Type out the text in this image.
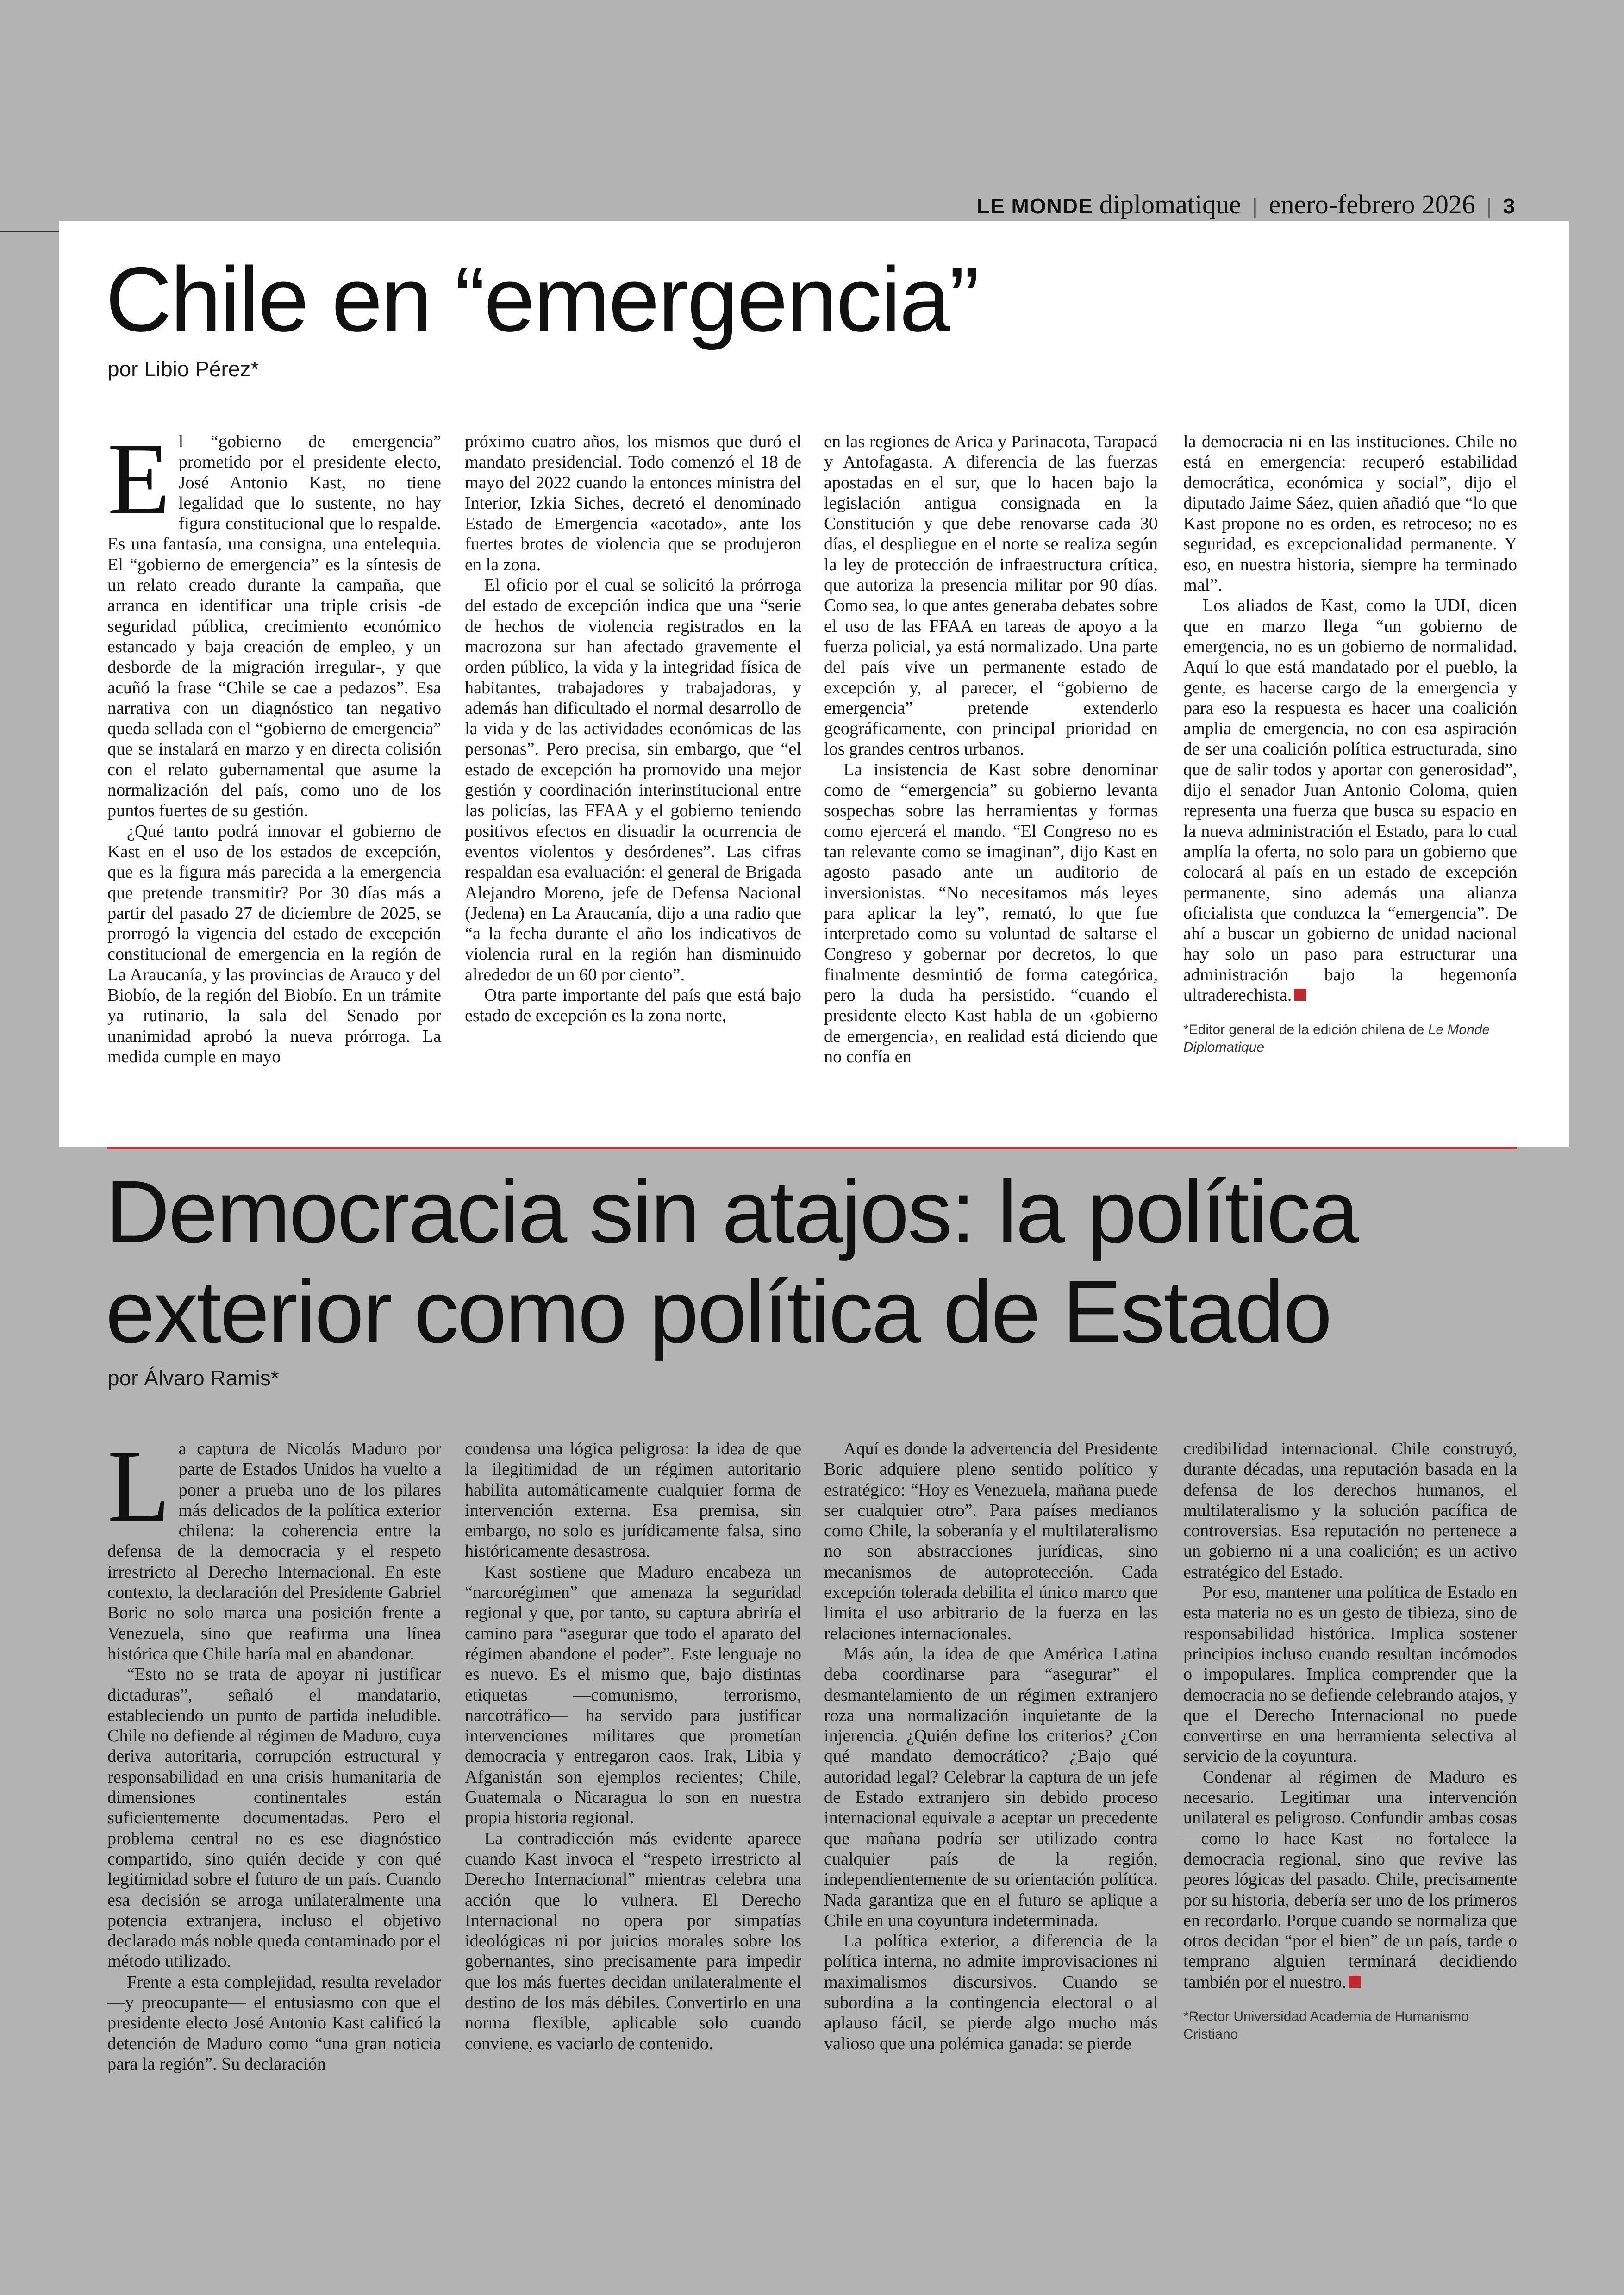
LE MONDE diplomatique | enero-febrero 2026 | 3
Chile en “emergencia”
por Libio Pérez*

El “gobierno de emergencia” prometido por el presidente electo, José Antonio Kast, no tiene legalidad que lo sustente, no hay figura constitucional que lo respalde. Es una fantasía, una consigna, una entelequia. El “gobierno de emergencia” es la síntesis de un relato creado durante la campaña, que arranca en identificar una triple crisis -de seguridad pública, crecimiento económico estancado y baja creación de empleo, y un desborde de la migración irregular-, y que acuñó la frase “Chile se cae a pedazos”. Esa narrativa con un diagnóstico tan negativo queda sellada con el “gobierno de emergencia” que se instalará en marzo y en directa colisión con el relato gubernamental que asume la normalización del país, como uno de los puntos fuertes de su gestión.

¿Qué tanto podrá innovar el gobierno de Kast en el uso de los estados de excepción, que es la figura más parecida a la emergencia que pretende transmitir? Por 30 días más a partir del pasado 27 de diciembre de 2025, se prorrogó la vigencia del estado de excepción constitucional de emergencia en la región de La Araucanía, y las provincias de Arauco y del Biobío, de la región del Biobío. En un trámite ya rutinario, la sala del Senado por unanimidad aprobó la nueva prórroga. La medida cumple en mayo

próximo cuatro años, los mismos que duró el mandato presidencial. Todo comenzó el 18 de mayo del 2022 cuando la entonces ministra del Interior, Izkia Siches, decretó el denominado Estado de Emergencia «acotado», ante los fuertes brotes de violencia que se produjeron en la zona.

El oficio por el cual se solicitó la prórroga del estado de excepción indica que una “serie de hechos de violencia registrados en la macrozona sur han afectado gravemente el orden público, la vida y la integridad física de habitantes, trabajadores y trabajadoras, y además han dificultado el normal desarrollo de la vida y de las actividades económicas de las personas”. Pero precisa, sin embargo, que “el estado de excepción ha promovido una mejor gestión y coordinación interinstitucional entre las policías, las FFAA y el gobierno teniendo positivos efectos en disuadir la ocurrencia de eventos violentos y desórdenes”. Las cifras respaldan esa evaluación: el general de Brigada Alejandro Moreno, jefe de Defensa Nacional (Jedena) en La Araucanía, dijo a una radio que “a la fecha durante el año los indicativos de violencia rural en la región han disminuido alrededor de un 60 por ciento”.

Otra parte importante del país que está bajo estado de excepción es la zona norte,

en las regiones de Arica y Parinacota, Tarapacá y Antofagasta. A diferencia de las fuerzas apostadas en el sur, que lo hacen bajo la legislación antigua consignada en la Constitución y que debe renovarse cada 30 días, el despliegue en el norte se realiza según la ley de protección de infraestructura crítica, que autoriza la presencia militar por 90 días. Como sea, lo que antes generaba debates sobre el uso de las FFAA en tareas de apoyo a la fuerza policial, ya está normalizado. Una parte del país vive un permanente estado de excepción y, al parecer, el “gobierno de emergencia” pretende extenderlo geográficamente, con principal prioridad en los grandes centros urbanos.

La insistencia de Kast sobre denominar como de “emergencia” su gobierno levanta sospechas sobre las herramientas y formas como ejercerá el mando. “El Congreso no es tan relevante como se imaginan”, dijo Kast en agosto pasado ante un auditorio de inversionistas. “No necesitamos más leyes para aplicar la ley”, remató, lo que fue interpretado como su voluntad de saltarse el Congreso y gobernar por decretos, lo que finalmente desmintió de forma categórica, pero la duda ha persistido. “cuando el presidente electo Kast habla de un ‹gobierno de emergencia›, en realidad está diciendo que no confía en

la democracia ni en las instituciones. Chile no está en emergencia: recuperó estabilidad democrática, económica y social”, dijo el diputado Jaime Sáez, quien añadió que “lo que Kast propone no es orden, es retroceso; no es seguridad, es excepcionalidad permanente. Y eso, en nuestra historia, siempre ha terminado mal”.

Los aliados de Kast, como la UDI, dicen que en marzo llega “un gobierno de emergencia, no es un gobierno de normalidad. Aquí lo que está mandatado por el pueblo, la gente, es hacerse cargo de la emergencia y para eso la respuesta es hacer una coalición amplia de emergencia, no con esa aspiración de ser una coalición política estructurada, sino que de salir todos y aportar con generosidad”, dijo el senador Juan Antonio Coloma, quien representa una fuerza que busca su espacio en la nueva administración el Estado, para lo cual amplía la oferta, no solo para un gobierno que colocará al país en un estado de excepción permanente, sino además una alianza oficialista que conduzca la “emergencia”. De ahí a buscar un gobierno de unidad nacional hay solo un paso para estructurar una administración bajo la hegemonía ultraderechista.

*Editor general de la edición chilena de Le Monde Diplomatique
Democracia sin atajos: la política
exterior como política de Estado
por Álvaro Ramis*

La captura de Nicolás Maduro por parte de Estados Unidos ha vuelto a poner a prueba uno de los pilares más delicados de la política exterior chilena: la coherencia entre la defensa de la democracia y el respeto irrestricto al Derecho Internacional. En este contexto, la declaración del Presidente Gabriel Boric no solo marca una posición frente a Venezuela, sino que reafirma una línea histórica que Chile haría mal en abandonar.

“Esto no se trata de apoyar ni justificar dictaduras”, señaló el mandatario, estableciendo un punto de partida ineludible. Chile no defiende al régimen de Maduro, cuya deriva autoritaria, corrupción estructural y responsabilidad en una crisis humanitaria de dimensiones continentales están suficientemente documentadas. Pero el problema central no es ese diagnóstico compartido, sino quién decide y con qué legitimidad sobre el futuro de un país. Cuando esa decisión se arroga unilateralmente una potencia extranjera, incluso el objetivo declarado más noble queda contaminado por el método utilizado.

Frente a esta complejidad, resulta revelador —y preocupante— el entusiasmo con que el presidente electo José Antonio Kast calificó la detención de Maduro como “una gran noticia para la región”. Su declaración

condensa una lógica peligrosa: la idea de que la ilegitimidad de un régimen autoritario habilita automáticamente cualquier forma de intervención externa. Esa premisa, sin embargo, no solo es jurídicamente falsa, sino históricamente desastrosa.

Kast sostiene que Maduro encabeza un “narcorégimen” que amenaza la seguridad regional y que, por tanto, su captura abriría el camino para “asegurar que todo el aparato del régimen abandone el poder”. Este lenguaje no es nuevo. Es el mismo que, bajo distintas etiquetas —comunismo, terrorismo, narcotráfico— ha servido para justificar intervenciones militares que prometían democracia y entregaron caos. Irak, Libia y Afganistán son ejemplos recientes; Chile, Guatemala o Nicaragua lo son en nuestra propia historia regional.

La contradicción más evidente aparece cuando Kast invoca el “respeto irrestricto al Derecho Internacional” mientras celebra una acción que lo vulnera. El Derecho Internacional no opera por simpatías ideológicas ni por juicios morales sobre los gobernantes, sino precisamente para impedir que los más fuertes decidan unilateralmente el destino de los más débiles. Convertirlo en una norma flexible, aplicable solo cuando conviene, es vaciarlo de contenido.

Aquí es donde la advertencia del Presidente Boric adquiere pleno sentido político y estratégico: “Hoy es Venezuela, mañana puede ser cualquier otro”. Para países medianos como Chile, la soberanía y el multilateralismo no son abstracciones jurídicas, sino mecanismos de autoprotección. Cada excepción tolerada debilita el único marco que limita el uso arbitrario de la fuerza en las relaciones internacionales.

Más aún, la idea de que América Latina deba coordinarse para “asegurar” el desmantelamiento de un régimen extranjero roza una normalización inquietante de la injerencia. ¿Quién define los criterios? ¿Con qué mandato democrático? ¿Bajo qué autoridad legal? Celebrar la captura de un jefe de Estado extranjero sin debido proceso internacional equivale a aceptar un precedente que mañana podría ser utilizado contra cualquier país de la región, independientemente de su orientación política. Nada garantiza que en el futuro se aplique a Chile en una coyuntura indeterminada.

La política exterior, a diferencia de la política interna, no admite improvisaciones ni maximalismos discursivos. Cuando se subordina a la contingencia electoral o al aplauso fácil, se pierde algo mucho más valioso que una polémica ganada: se pierde

credibilidad internacional. Chile construyó, durante décadas, una reputación basada en la defensa de los derechos humanos, el multilateralismo y la solución pacífica de controversias. Esa reputación no pertenece a un gobierno ni a una coalición; es un activo estratégico del Estado.

Por eso, mantener una política de Estado en esta materia no es un gesto de tibieza, sino de responsabilidad histórica. Implica sostener principios incluso cuando resultan incómodos o impopulares. Implica comprender que la democracia no se defiende celebrando atajos, y que el Derecho Internacional no puede convertirse en una herramienta selectiva al servicio de la coyuntura.

Condenar al régimen de Maduro es necesario. Legitimar una intervención unilateral es peligroso. Confundir ambas cosas —como lo hace Kast— no fortalece la democracia regional, sino que revive las peores lógicas del pasado. Chile, precisamente por su historia, debería ser uno de los primeros en recordarlo. Porque cuando se normaliza que otros decidan “por el bien” de un país, tarde o temprano alguien terminará decidiendo también por el nuestro.

*Rector Universidad Academia de Humanismo Cristiano
